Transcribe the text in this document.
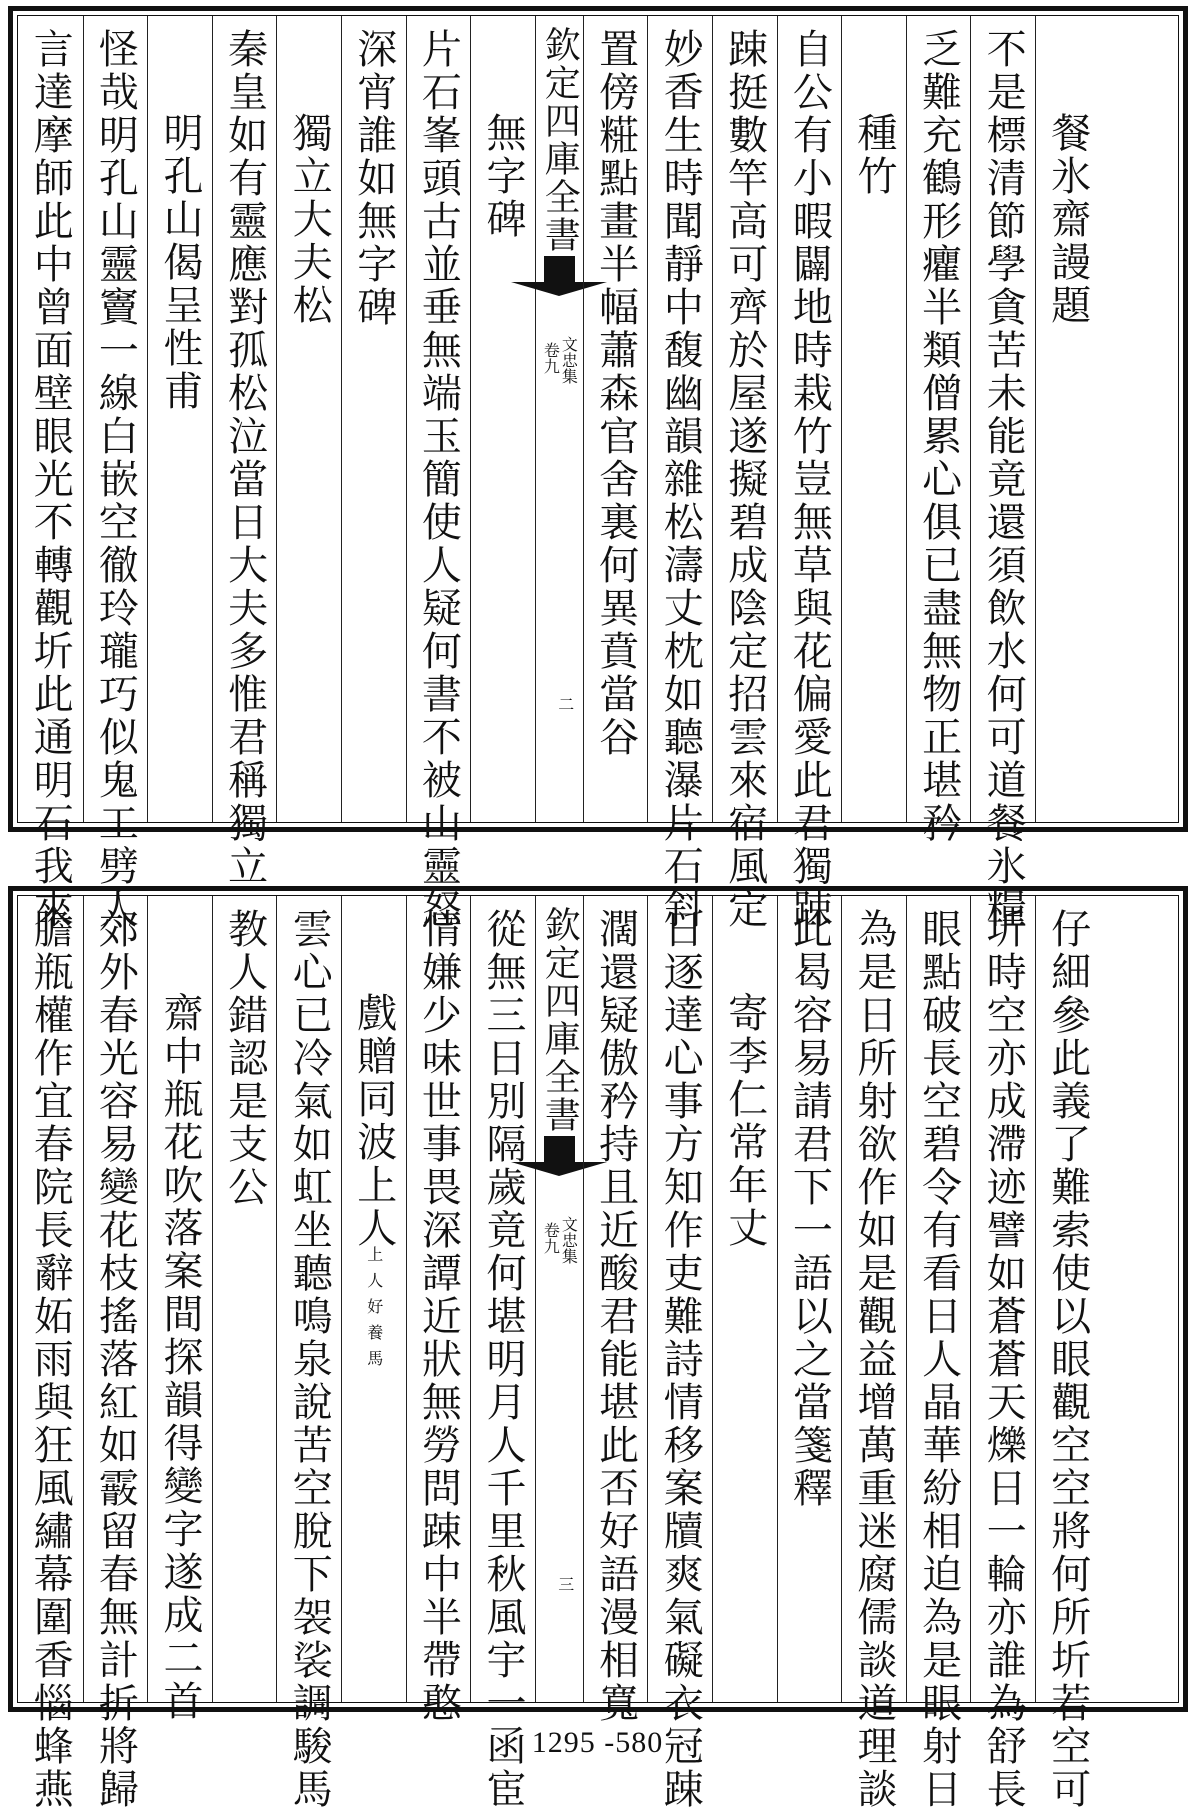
言達摩師此中曾面壁眼光不轉觀圻此通明石我來 怪哉明孔山靈竇一線白嵌空徹玲瓏巧似鬼工劈人 明孔山偈呈性甫 秦皇如有靈應對孤松泣當日大夫多惟君稱獨立 獨立大夫松 深宵誰如無字碑 片石峯頭古並垂無端玉簡使人疑何書不被山靈怒 無字碑 欽定四庫全書
文忠集
卷九
二 置傍糚點畫半幅蕭森官舍裏何異賁當谷 妙香生時聞靜中馥幽韻雜松濤丈枕如聽瀑片石斜 踈挺數竿高可齊於屋遂擬碧成陰定招雲來宿風定 自公有小暇闢地時栽竹豈無草與花偏愛此君獨踈 種竹 乏難充鶴形癯半類僧累心俱已盡無物正堪矜 不是標清節學貪苦未能竟還須飲水何可道餐氷糧 餐氷齋謾題
膽瓶權作宜春院長辭妬雨與狂風繡幕圍香惱蜂燕 郊外春光容易變花枝搖落紅如霰留春無計折將歸 齋中瓶花吹落案間探韻得變字遂成二首 教人錯認是支公 雲心已冷氣如虹坐聽鳴泉說苦空脫下袈裟調駿馬 戲贈同波上人
上人好養馬 情嫌少味世事畏深譚近狀無勞問踈中半帶憨 從無三日別隔歲竟何堪明月人千里秋風宇一函宦 欽定四庫全書
文忠集
卷九
三 濶還疑傲矜持且近酸君能堪此否好語漫相寬 日逐達心事方知作吏難詩情移案牘爽氣礙衣冠踈 寄李仁常年丈 此曷容易請君下一語以之當箋釋 為是日所射欲作如是觀益增萬重迷腐儒談道理談 眼點破長空碧令有看日人晶華紛相迫為是眼射日 圻時空亦成滯迹譬如蒼蒼天爍日一輪亦誰為舒長 仔細參此義了難索使以眼觀空空將何所圻若空可
1295 -580
